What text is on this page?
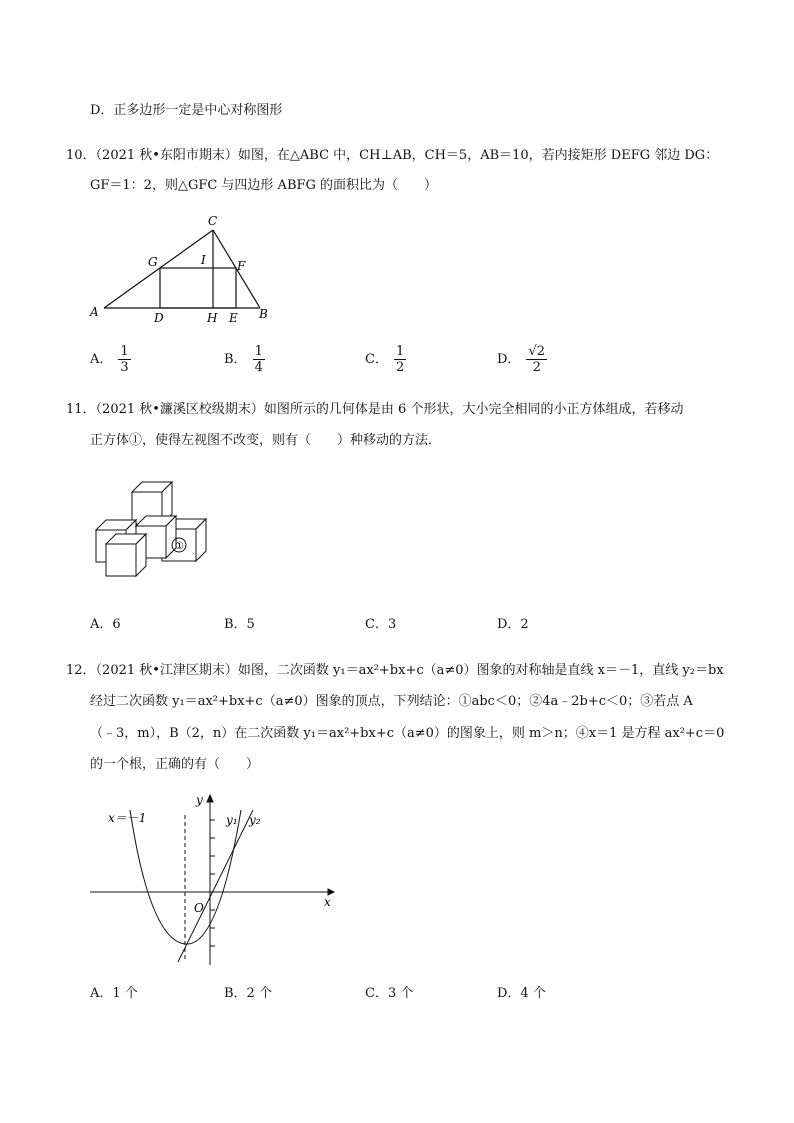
D．正多边形一定是中心对称图形
10．（2021 秋•东阳市期末）如图，在△ABC 中，CH⊥AB，CH＝5，AB＝10，若内接矩形 DEFG 邻边 DG：
GF＝1：2，则△GFC 与四边形 ABFG 的面积比为（　　）
C
G	I	F
A	D	H E B
A． $\frac{1}{3}$	B． $\frac{1}{4}$	C． $\frac{1}{2}$	D． $\frac{√2}{2}$
11．（2021 秋•濂溪区校级期末）如图所示的几何体是由 6 个形状，大小完全相同的小正方体组成，若移动
正方体①，使得左视图不改变，则有（　　）种移动的方法．
①
A．6	B．5	C．3	D．2
12．（2021 秋•江津区期末）如图，二次函数 y₁＝ax²+bx+c（a≠0）图象的对称轴是直线 x＝－1，直线 y₂＝bx
经过二次函数 y₁＝ax²+bx+c（a≠0）图象的顶点，下列结论：①abc＜0；②4a﹣2b+c＜0；③若点 A
（﹣3，m），B（2，n）在二次函数 y₁＝ax²+bx+c（a≠0）的图象上，则 m＞n；④x＝1 是方程 ax²+c＝0
的一个根，正确的有（　　）
x＝－1
y
x
O
y₁ y₂
A．1 个	B．2 个	C．3 个	D．4 个
